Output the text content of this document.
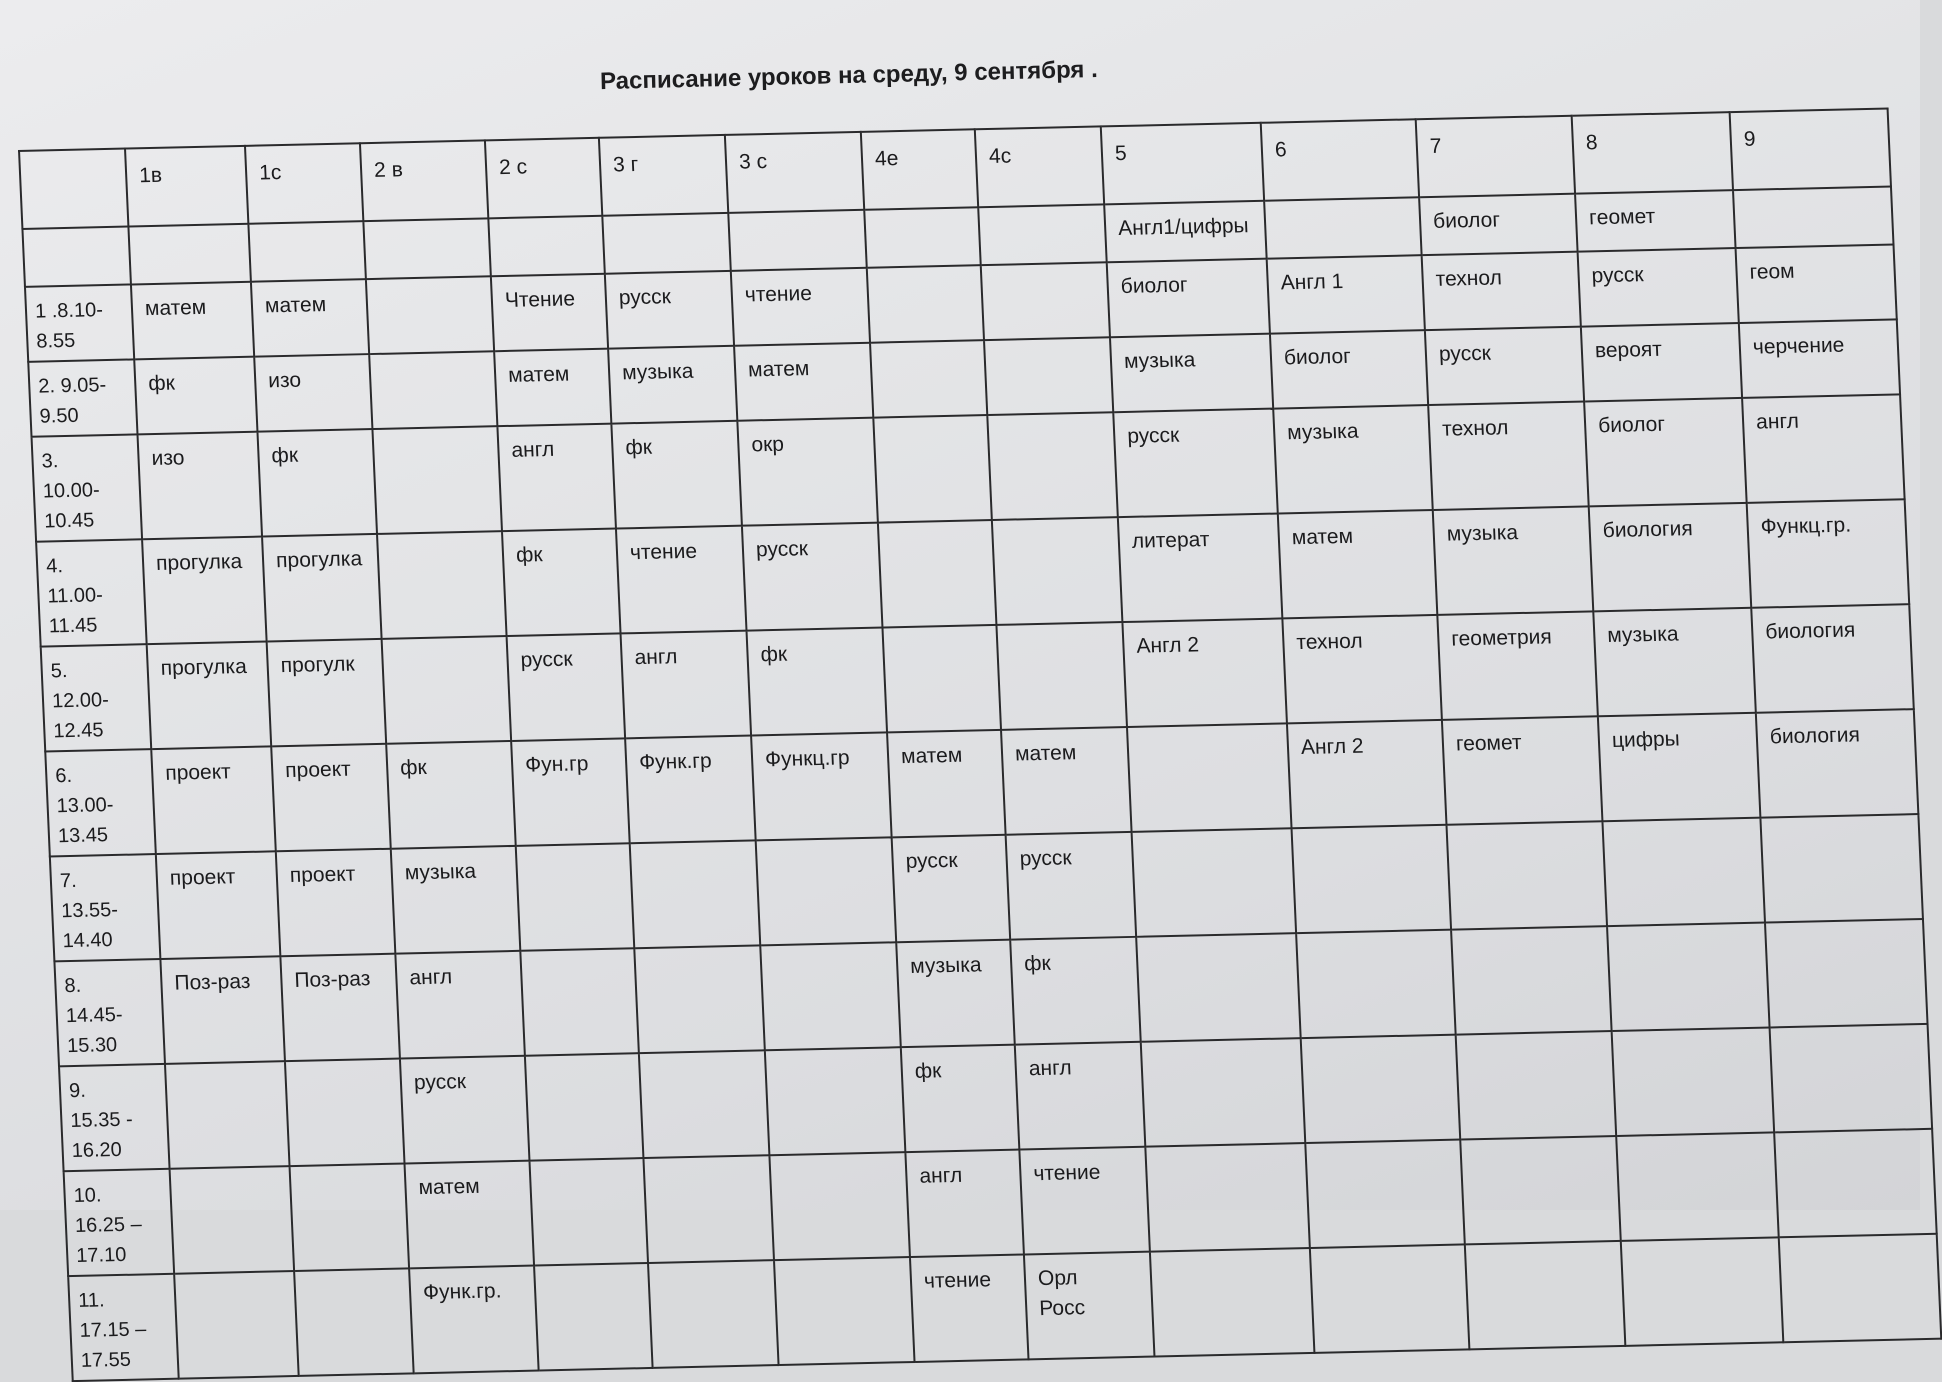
Расписание уроков на среду, 9 сентября .
	1в	1с	2 в	2 с	3 г	3 с	4е	4с	5	6	7	8	9
									Англ1/цифры		биолог	гeомет	
1 .8.10-
8.55	матем	матем		Чтение	русск	чтение			биолог	Англ 1	технол	русск	геом
2. 9.05-
9.50	фк	изо		матем	музыка	матем			музыка	биолог	русск	вероят	черчение
3.
10.00-
10.45	изо	фк		англ	фк	окр			русск	музыка	технол	биолог	англ
4.
11.00-
11.45	прогулка	прогулка		фк	чтение	русск			литерат	матем	музыка	биология	Функц.гр.
5.
12.00-
12.45	прогулка	прогулк		русск	англ	фк			Англ 2	технол	геометрия	музыка	биология
6.
13.00-
13.45	проект	проект	фк	Фун.гр	Функ.гр	Функц.гр	матем	матем		Англ 2	геомет	цифры	биология
7.
13.55-
14.40	проект	проект	музыка				русск	русск					
8.
14.45-
15.30	Поз-раз	Поз-раз	англ				музыка	фк					
9.
15.35 -
16.20			русск				фк	англ					
10.
16.25 –
17.10			матем				англ	чтение					
11.
17.15 –
17.55			Функ.гр.				чтение	Орл
Росс					
